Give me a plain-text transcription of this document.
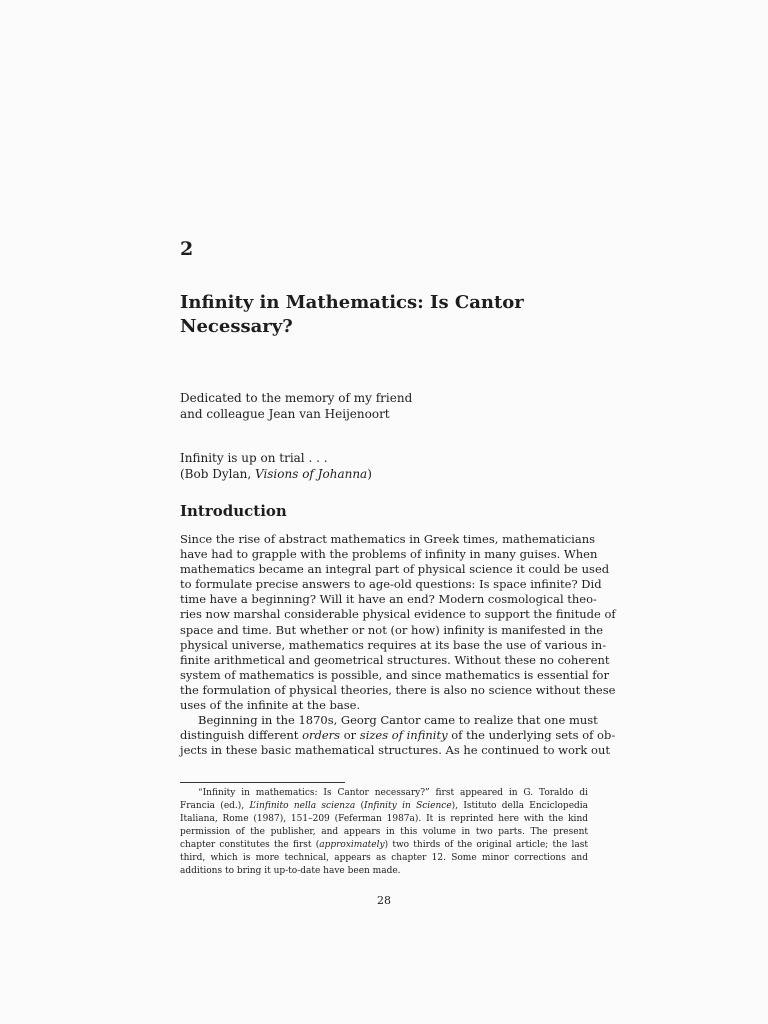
2
Infinity in Mathematics: Is Cantor
Necessary?
Dedicated to the memory of my friend
and colleague Jean van Heijenoort
Infinity is up on trial . . .
(Bob Dylan, Visions of Johanna)
Introduction
Since the rise of abstract mathematics in Greek times, mathematicians
have had to grapple with the problems of infinity in many guises. When
mathematics became an integral part of physical science it could be used
to formulate precise answers to age-old questions: Is space infinite? Did
time have a beginning? Will it have an end? Modern cosmological theo-
ries now marshal considerable physical evidence to support the finitude of
space and time. But whether or not (or how) infinity is manifested in the
physical universe, mathematics requires at its base the use of various in-
finite arithmetical and geometrical structures. Without these no coherent
system of mathematics is possible, and since mathematics is essential for
the formulation of physical theories, there is also no science without these
uses of the infinite at the base.
Beginning in the 1870s, Georg Cantor came to realize that one must
distinguish different orders or sizes of infinity of the underlying sets of ob-
jects in these basic mathematical structures. As he continued to work out
“Infinity in mathematics: Is Cantor necessary?” first appeared in G. Toraldo di
Francia (ed.), L’infinito nella scienza (Infinity in Science), Istituto della Enciclopedia
Italiana, Rome (1987), 151–209 (Feferman 1987a). It is reprinted here with the kind
permission of the publisher, and appears in this volume in two parts. The present
chapter constitutes the first (approximately) two thirds of the original article; the last
third, which is more technical, appears as chapter 12. Some minor corrections and
additions to bring it up-to-date have been made.
28
